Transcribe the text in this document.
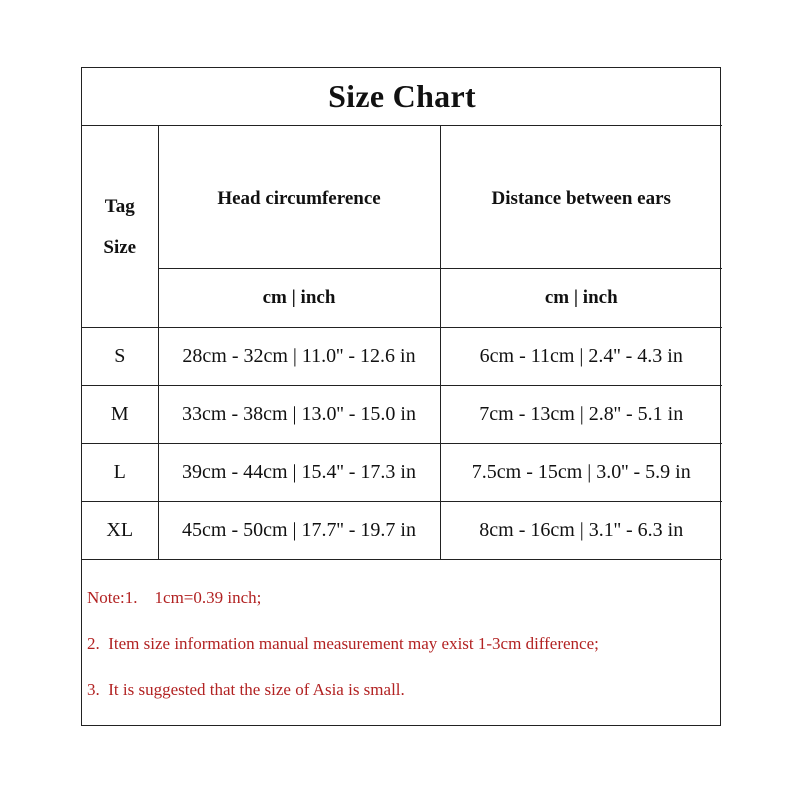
Size Chart		
Tag
Size	Head circumference	Distance between ears

	cm | inch	cm | inch
S	28cm - 32cm | 11.0'' - 12.6 in	6cm - 11cm | 2.4'' - 4.3 in
M	33cm - 38cm | 13.0'' - 15.0 in	7cm - 13cm | 2.8'' - 5.1 in
L	39cm - 44cm | 15.4'' - 17.3 in	7.5cm - 15cm | 3.0'' - 5.9 in
XL	45cm - 50cm | 17.7'' - 19.7 in	8cm - 16cm | 3.1'' - 6.3 in
Note:1.    1cm=0.39 inch;
2.  Item size information manual measurement may exist 1-3cm difference;
3.  It is suggested that the size of Asia is small.
